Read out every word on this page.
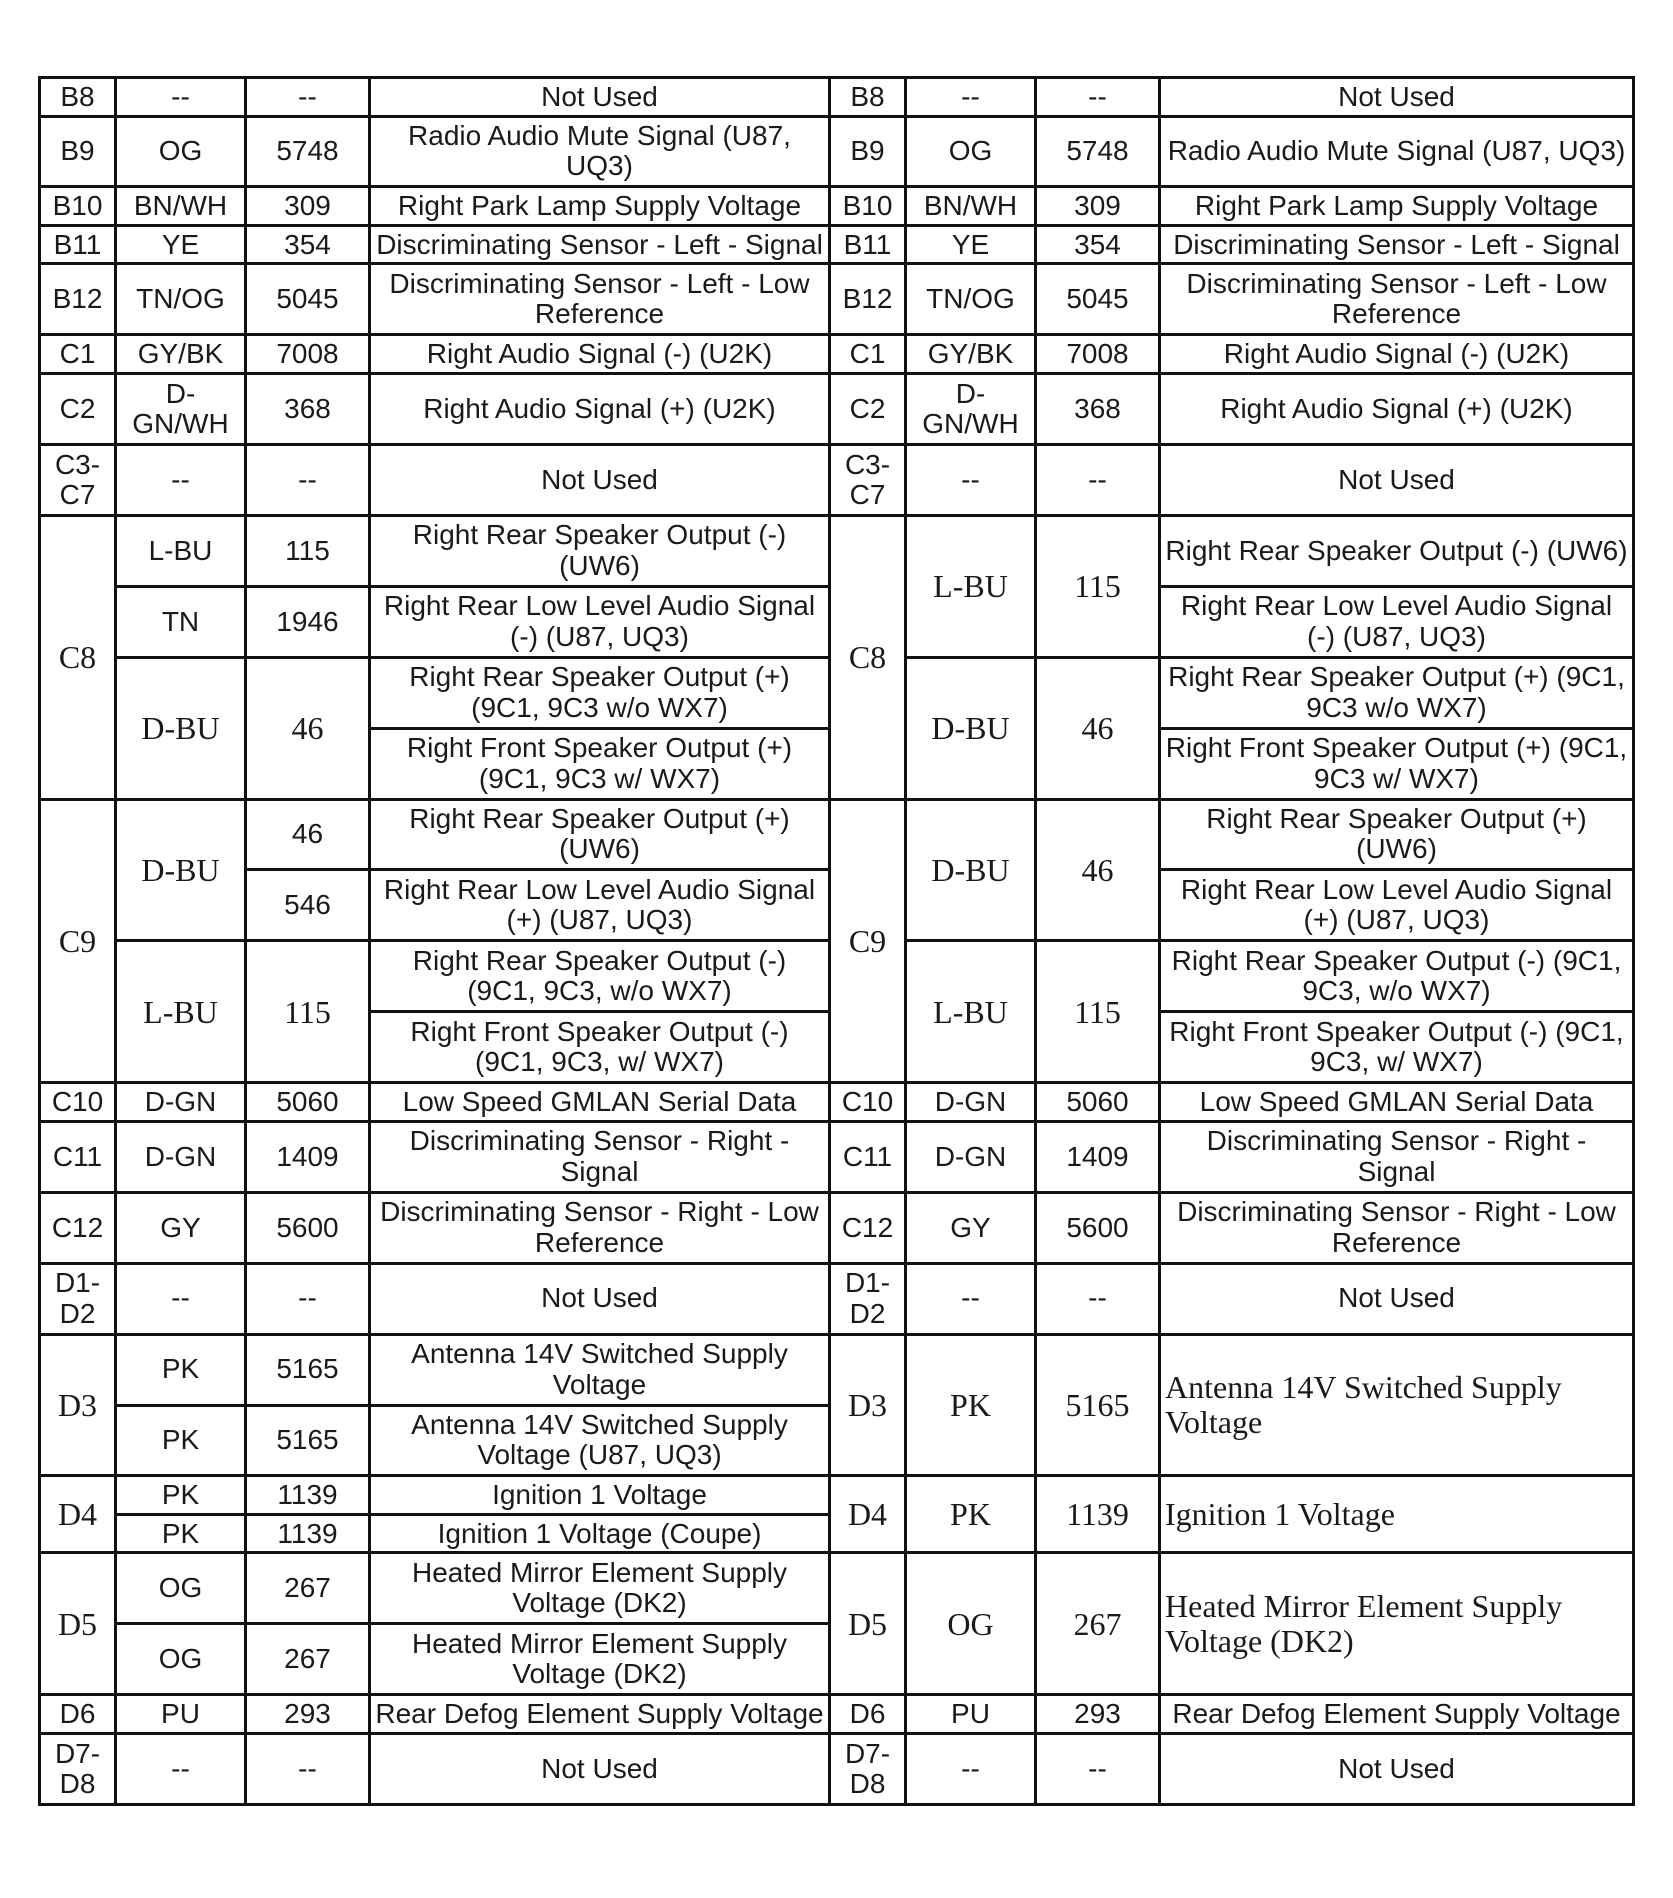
B8	--	--	Not Used	B8	--	--	Not Used
B9	OG	5748	Radio Audio Mute Signal (U87, UQ3)	B9	OG	5748	Radio Audio Mute Signal (U87, UQ3)
B10	BN/WH	309	Right Park Lamp Supply Voltage	B10	BN/WH	309	Right Park Lamp Supply Voltage
B11	YE	354	Discriminating Sensor - Left - Signal	B11	YE	354	Discriminating Sensor - Left - Signal
B12	TN/OG	5045	Discriminating Sensor - Left - Low Reference	B12	TN/OG	5045	Discriminating Sensor - Left - Low Reference
C1	GY/BK	7008	Right Audio Signal (-) (U2K)	C1	GY/BK	7008	Right Audio Signal (-) (U2K)
C2	D-GN/WH	368	Right Audio Signal (+) (U2K)	C2	D-GN/WH	368	Right Audio Signal (+) (U2K)
C3-C7	--	--	Not Used	C3-C7	--	--	Not Used
C8	L-BU	115	Right Rear Speaker Output (-) (UW6)	C8	L-BU	115	Right Rear Speaker Output (-) (UW6)
	TN	1946	Right Rear Low Level Audio Signal (-) (U87, UQ3)				Right Rear Low Level Audio Signal (-) (U87, UQ3)
	D-BU	46	Right Rear Speaker Output (+) (9C1, 9C3 w/o WX7)		D-BU	46	Right Rear Speaker Output (+) (9C1, 9C3 w/o WX7)
			Right Front Speaker Output (+) (9C1, 9C3 w/ WX7)				Right Front Speaker Output (+) (9C1, 9C3 w/ WX7)
C9	D-BU	46	Right Rear Speaker Output (+) (UW6)	C9	D-BU	46	Right Rear Speaker Output (+) (UW6)
		546	Right Rear Low Level Audio Signal (+) (U87, UQ3)				Right Rear Low Level Audio Signal (+) (U87, UQ3)
	L-BU	115	Right Rear Speaker Output (-) (9C1, 9C3, w/o WX7)		L-BU	115	Right Rear Speaker Output (-) (9C1, 9C3, w/o WX7)
			Right Front Speaker Output (-) (9C1, 9C3, w/ WX7)				Right Front Speaker Output (-) (9C1, 9C3, w/ WX7)
C10	D-GN	5060	Low Speed GMLAN Serial Data	C10	D-GN	5060	Low Speed GMLAN Serial Data
C11	D-GN	1409	Discriminating Sensor - Right - Signal	C11	D-GN	1409	Discriminating Sensor - Right - Signal
C12	GY	5600	Discriminating Sensor - Right - Low Reference	C12	GY	5600	Discriminating Sensor - Right - Low Reference
D1-D2	--	--	Not Used	D1-D2	--	--	Not Used
D3	PK	5165	Antenna 14V Switched Supply Voltage	D3	PK	5165	Antenna 14V Switched Supply Voltage
	PK	5165	Antenna 14V Switched Supply Voltage (U87, UQ3)				
D4	PK	1139	Ignition 1 Voltage	D4	PK	1139	Ignition 1 Voltage
	PK	1139	Ignition 1 Voltage (Coupe)				
D5	OG	267	Heated Mirror Element Supply Voltage (DK2)	D5	OG	267	Heated Mirror Element Supply Voltage (DK2)
	OG	267	Heated Mirror Element Supply Voltage (DK2)				
D6	PU	293	Rear Defog Element Supply Voltage	D6	PU	293	Rear Defog Element Supply Voltage
D7-D8	--	--	Not Used	D7-D8	--	--	Not Used
